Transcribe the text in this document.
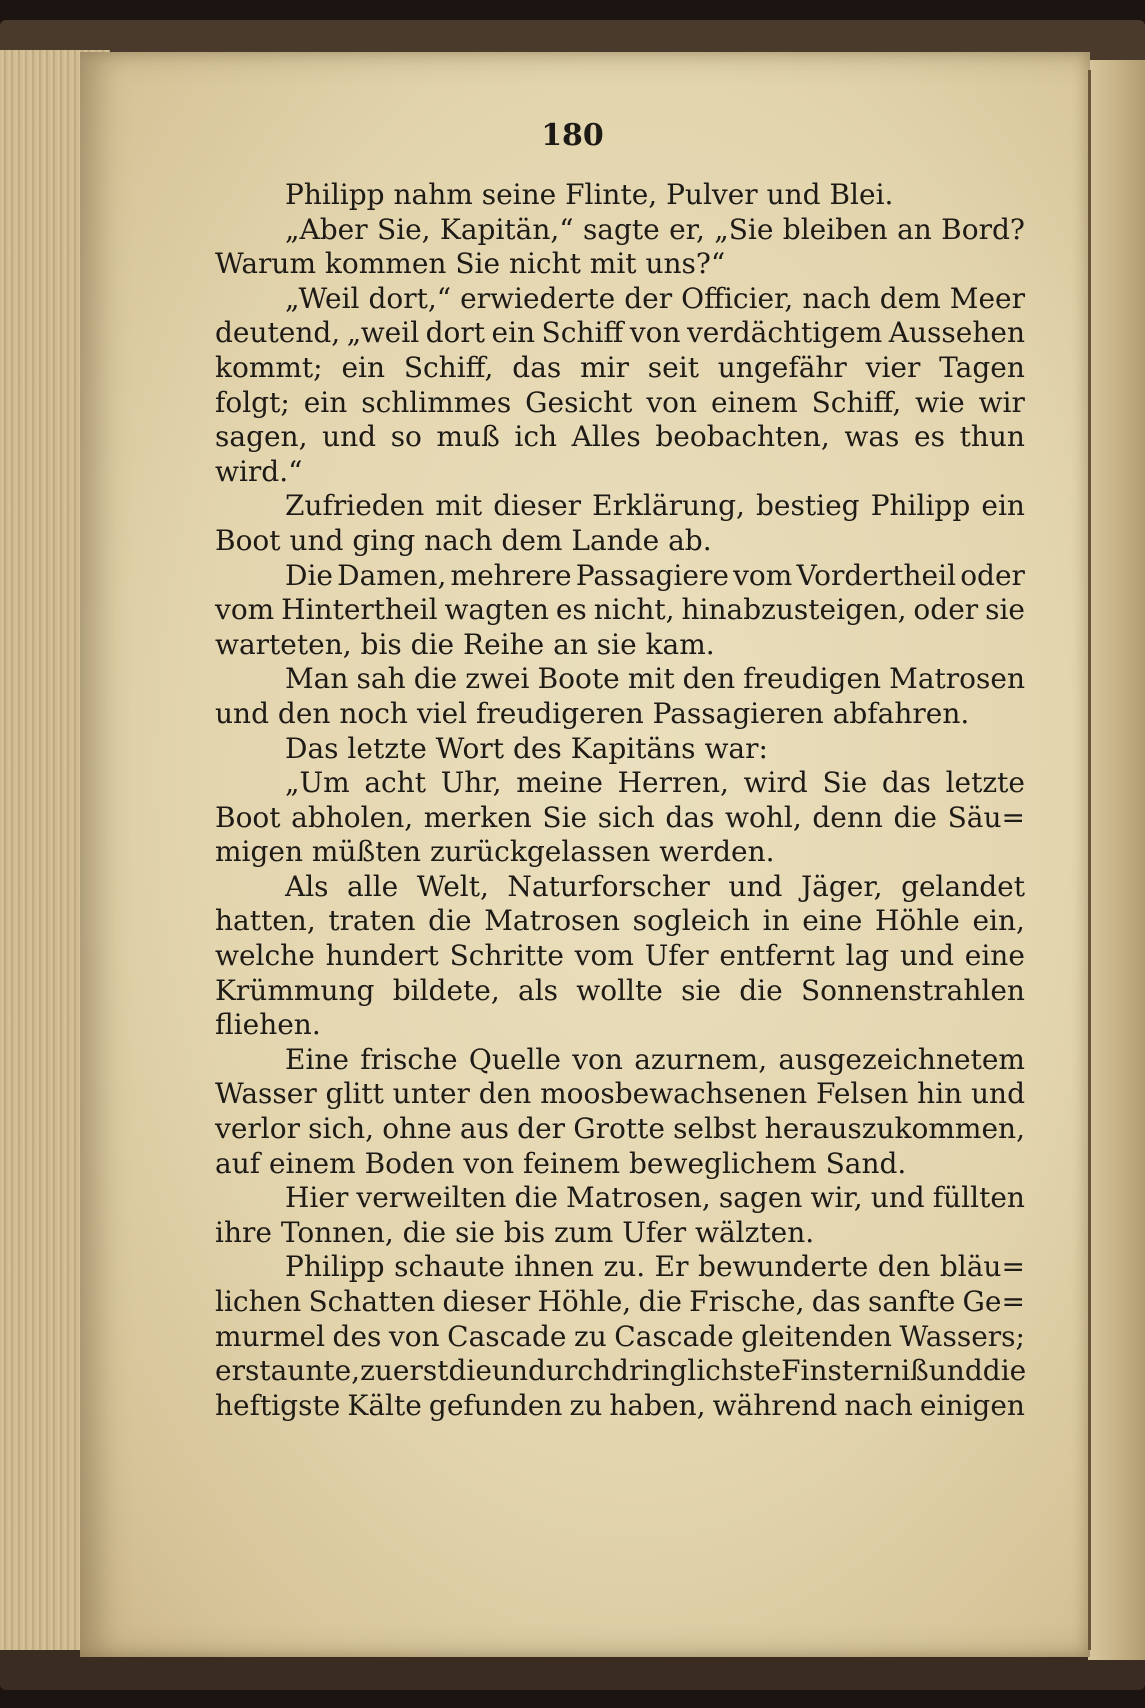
180
Philipp nahm seine Flinte, Pulver und Blei.
„Aber Sie, Kapitän,“ sagte er, „Sie bleiben an Bord?
Warum kommen Sie nicht mit uns?“
„Weil dort,“ erwiederte der Officier, nach dem Meer
deutend, „weil dort ein Schiff von verdächtigem Aussehen
kommt; ein Schiff, das mir seit ungefähr vier Tagen
folgt; ein schlimmes Gesicht von einem Schiff, wie wir
sagen, und so muß ich Alles beobachten, was es thun
wird.“
Zufrieden mit dieser Erklärung, bestieg Philipp ein
Boot und ging nach dem Lande ab.
Die Damen, mehrere Passagiere vom Vordertheil oder
vom Hintertheil wagten es nicht, hinabzusteigen, oder sie
warteten, bis die Reihe an sie kam.
Man sah die zwei Boote mit den freudigen Matrosen
und den noch viel freudigeren Passagieren abfahren.
Das letzte Wort des Kapitäns war:
„Um acht Uhr, meine Herren, wird Sie das letzte
Boot abholen, merken Sie sich das wohl, denn die Säu=
migen müßten zurückgelassen werden.
Als alle Welt, Naturforscher und Jäger, gelandet
hatten, traten die Matrosen sogleich in eine Höhle ein,
welche hundert Schritte vom Ufer entfernt lag und eine
Krümmung bildete, als wollte sie die Sonnenstrahlen
fliehen.
Eine frische Quelle von azurnem, ausgezeichnetem
Wasser glitt unter den moosbewachsenen Felsen hin und
verlor sich, ohne aus der Grotte selbst herauszukommen,
auf einem Boden von feinem beweglichem Sand.
Hier verweilten die Matrosen, sagen wir, und füllten
ihre Tonnen, die sie bis zum Ufer wälzten.
Philipp schaute ihnen zu. Er bewunderte den bläu=
lichen Schatten dieser Höhle, die Frische, das sanfte Ge=
murmel des von Cascade zu Cascade gleitenden Wassers;
er staunte, zuerst die undurchdringlichste Finsterniß und die
heftigste Kälte gefunden zu haben, während nach einigen
